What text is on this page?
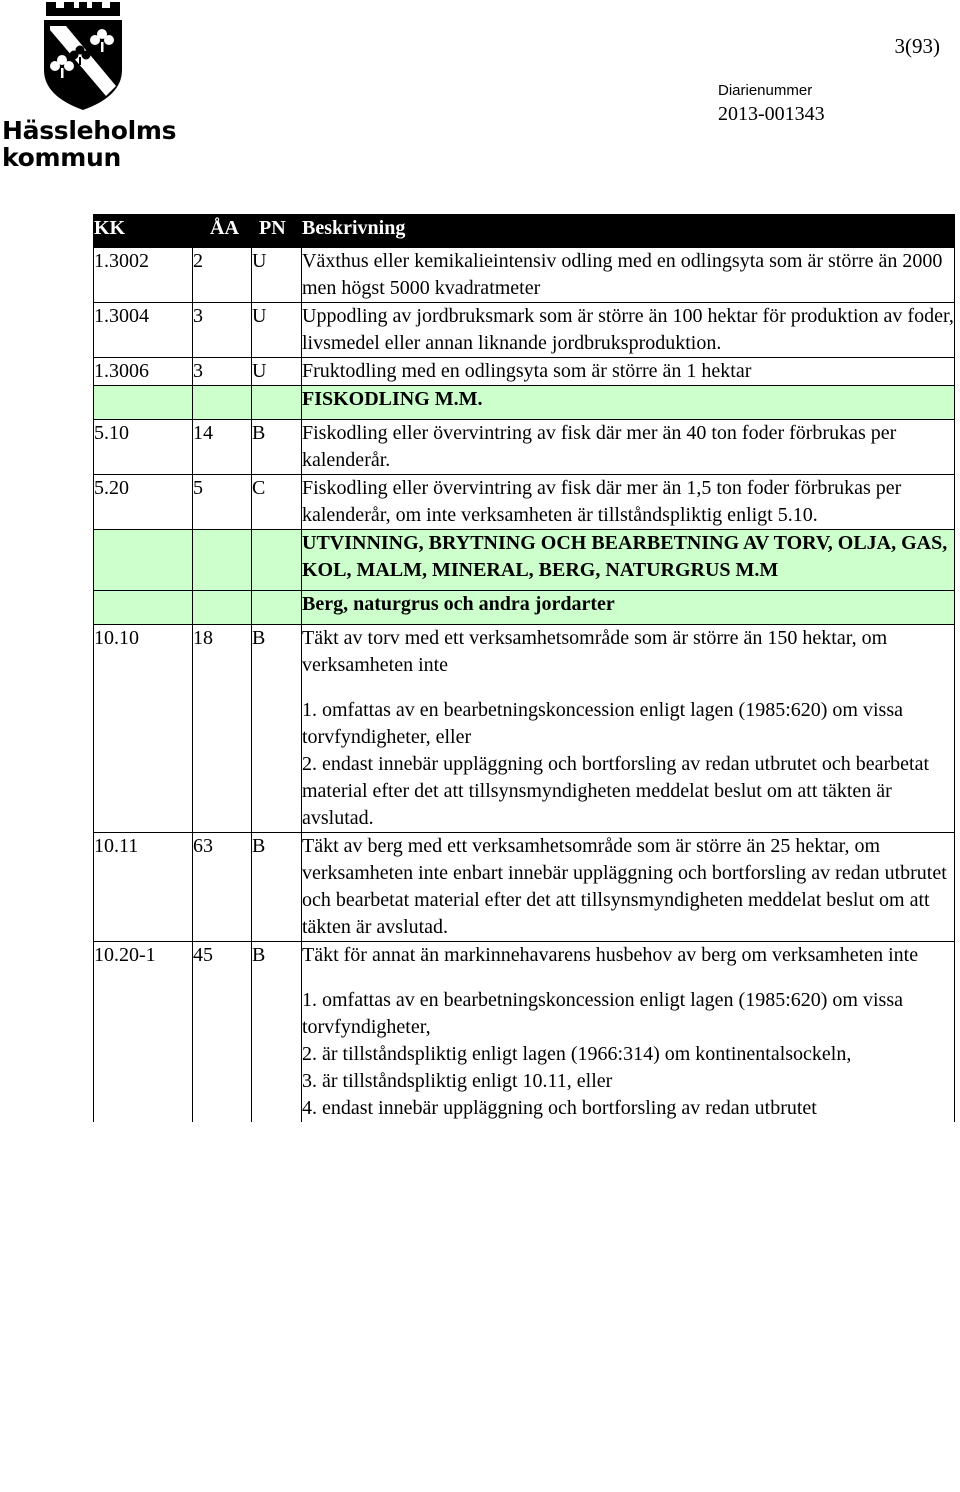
Hässleholms
kommun
3(93)
Diarienummer
2013-001343
KK	ÅA	PN	Beskrivning
1.3002	2	U	Växthus eller kemikalieintensiv odling med en odlingsyta som är större än 2000 men högst 5000 kvadratmeter
1.3004	3	U	Uppodling av jordbruksmark som är större än 100 hektar för produktion av foder, livsmedel eller annan liknande jordbruksproduktion.
1.3006	3	U	Fruktodling med en odlingsyta som är större än 1 hektar
			FISKODLING M.M.
5.10	14	B	Fiskodling eller övervintring av fisk där mer än 40 ton foder förbrukas per kalenderår.
5.20	5	C	Fiskodling eller övervintring av fisk där mer än 1,5 ton foder förbrukas per kalenderår, om inte verksamheten är tillståndspliktig enligt 5.10.
			UTVINNING, BRYTNING OCH BEARBETNING AV TORV, OLJA, GAS, KOL, MALM, MINERAL, BERG, NATURGRUS M.M
			Berg, naturgrus och andra jordarter
10.10	18	B	Täkt av torv med ett verksamhetsområde som är större än 150 hektar, om verksamheten inte

1. omfattas av en bearbetningskoncession enligt lagen (1985:620) om vissa torvfyndigheter, eller

2. endast innebär uppläggning och bortforsling av redan utbrutet och bearbetat material efter det att tillsynsmyndigheten meddelat beslut om att täkten är avslutad.

10.11	63	B	Täkt av berg med ett verksamhetsområde som är större än 25 hektar, om verksamheten inte enbart innebär uppläggning och bortforsling av redan utbrutet och bearbetat material efter det att tillsynsmyndigheten meddelat beslut om att täkten är avslutad.
10.20-1	45	B	Täkt för annat än markinnehavarens husbehov av berg om verksamheten inte

1. omfattas av en bearbetningskoncession enligt lagen (1985:620) om vissa torvfyndigheter,

2. är tillståndspliktig enligt lagen (1966:314) om kontinentalsockeln,

3. är tillståndspliktig enligt 10.11, eller

4. endast innebär uppläggning och bortforsling av redan utbrutet
